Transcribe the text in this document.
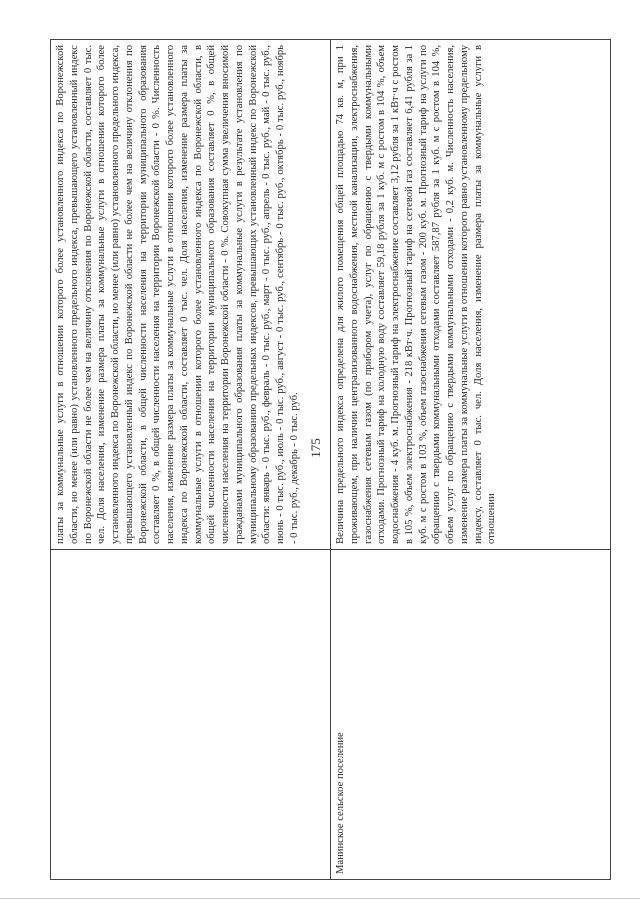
175

	платы за коммунальные услуги в отношении которого более установленного индекса по Воронежской области, но менее (или равно) установленного предельного индекса, превышающего установленный индекс по Воронежской области не более чем на величину отклонения по Воронежской области, составляет 0 тыс. чел. Доля населения, изменение размера платы за коммунальные услуги в отношении которого более установленного индекса по Воронежской области, но менее (или равно) установленного предельного индекса, превышающего установленный индекс по Воронежской области не более чем на величину отклонения по Воронежской области, в общей численности населения на территории муниципального образования составляет 0 %, в общей численности населения на территории Воронежской области - 0 %. Численность населения, изменение размера платы за коммунальные услуги в отношении которого более установленного индекса по Воронежской области, составляет 0 тыс. чел. Доля населения, изменение размера платы за коммунальные услуги в отношении которого более установленного индекса по Воронежской области, в общей численности населения на территории муниципального образования составляет 0 %, в общей численности населения на территории Воронежской области - 0 %. Совокупная сумма увеличения вносимой гражданами муниципального образования платы за коммунальные услуги в результате установления по муниципальному образованию предельных индексов, превышающих установленный индекс по Воронежской области: январь - 0 тыс. руб., февраль - 0 тыс. руб., март - 0 тыс. руб., апрель - 0 тыс. руб., май - 0 тыс. руб., июнь - 0 тыс. руб., июль - 0 тыс. руб., август - 0 тыс. руб., сентябрь - 0 тыс. руб., октябрь - 0 тыс. руб., ноябрь - 0 тыс. руб., декабрь - 0 тыс. руб.

Манинское сельское поселение	Величина предельного индекса определена для жилого помещения общей площадью 74 кв. м, при 1 проживающем, при наличии централизованного водоснабжения, местной канализации, электроснабжения, газоснабжения сетевым газом (по прибором учета), услуг по обращению с твердыми коммунальными отходами. Прогнозный тариф на холодную воду составляет 59,18 рубля за 1 куб. м с ростом в 104 %, объем водоснабжения - 4 куб. м. Прогнозный тариф на электроснабжение составляет 3,12 рубля за 1 кВт·ч с ростом в 105 %, объем электроснабжения - 218 кВт·ч. Прогнозный тариф на сетевой газ составляет 6,41 рубля за 1 куб. м с ростом в 103 %, объем газоснабжения сетевым газом - 200 куб. м. Прогнозный тариф на услуги по обращению с твердыми коммунальными отходами составляет 587,87 рубля за 1 куб. м с ростом в 104 %, объем услуг по обращению с твердыми коммунальными отходами - 0,2 куб. м. Численность населения, изменение размера платы за коммунальные услуги в отношении которого равно установленному предельному индексу, составляет 0 тыс. чел. Доля населения, изменение размера платы за коммунальные услуги в отношении
